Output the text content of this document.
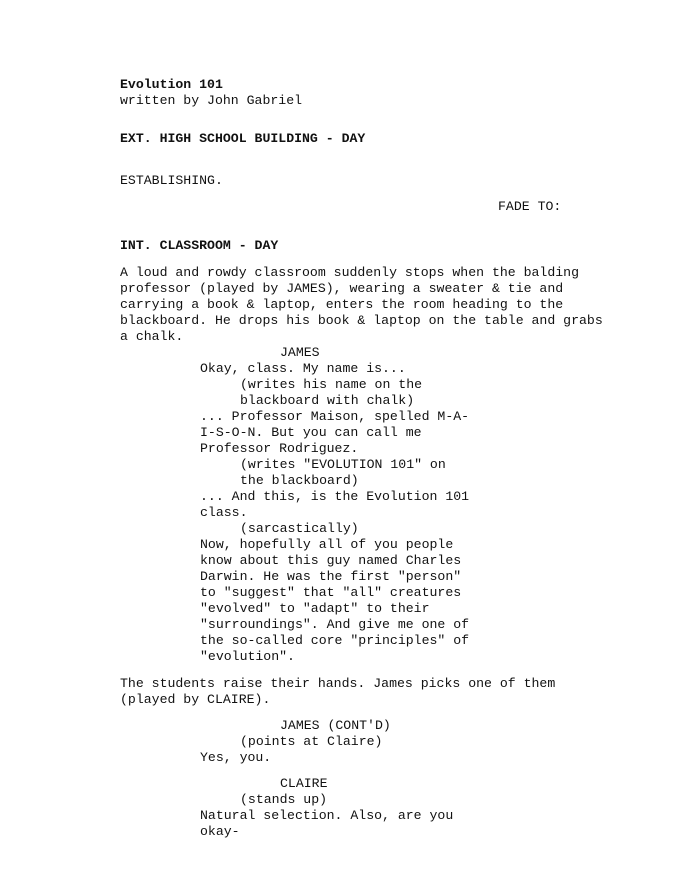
Evolution 101
written by John Gabriel
EXT. HIGH SCHOOL BUILDING - DAY
ESTABLISHING.
FADE TO:
INT. CLASSROOM - DAY
A loud and rowdy classroom suddenly stops when the balding
professor (played by JAMES), wearing a sweater & tie and
carrying a book & laptop, enters the room heading to the
blackboard. He drops his book & laptop on the table and grabs
a chalk.
JAMES
Okay, class. My name is...
(writes his name on the
blackboard with chalk)
... Professor Maison, spelled M-A-
I-S-O-N. But you can call me
Professor Rodriguez.
(writes "EVOLUTION 101" on
the blackboard)
... And this, is the Evolution 101
class.
(sarcastically)
Now, hopefully all of you people
know about this guy named Charles
Darwin. He was the first "person"
to "suggest" that "all" creatures
"evolved" to "adapt" to their
"surroundings". And give me one of
the so-called core "principles" of
"evolution".
The students raise their hands. James picks one of them
(played by CLAIRE).
JAMES (CONT'D)
(points at Claire)
Yes, you.
CLAIRE
(stands up)
Natural selection. Also, are you
okay-
